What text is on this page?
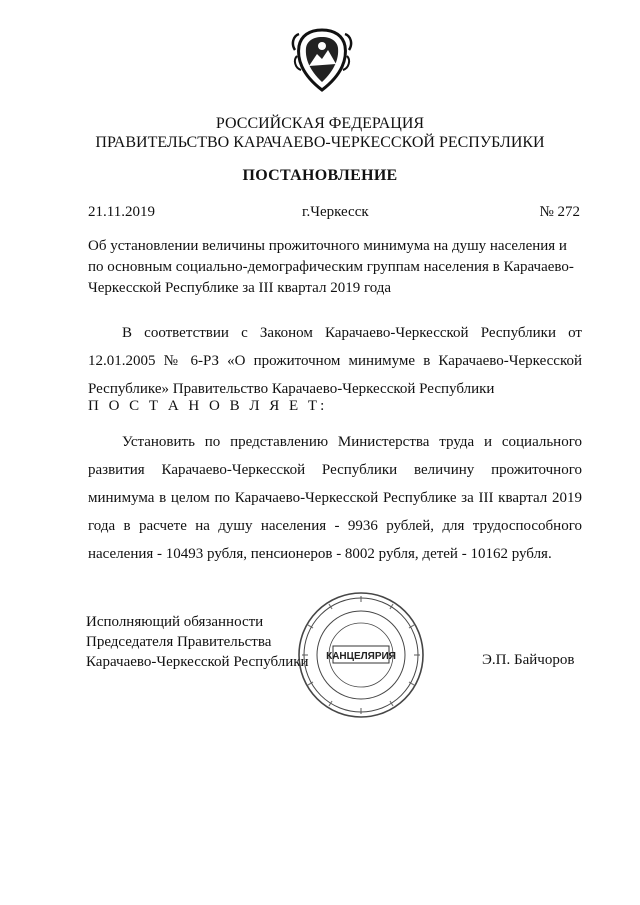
РОССИЙСКАЯ ФЕДЕРАЦИЯ
ПРАВИТЕЛЬСТВО КАРАЧАЕВО-ЧЕРКЕССКОЙ РЕСПУБЛИКИ
ПОСТАНОВЛЕНИЕ
21.11.2019	г.Черкесск	№ 272
Об установлении величины прожиточного минимума на душу населения и по основным социально-демографическим группам населения в Карачаево-Черкесской Республике за III квартал 2019 года
В соответствии с Законом Карачаево-Черкесской Республики от 12.01.2005 № 6-РЗ «О прожиточном минимуме в Карачаево-Черкесской Республике» Правительство Карачаево-Черкесской Республики
П О С Т А Н О В Л Я Е Т:
Установить по представлению Министерства труда и социального развития Карачаево-Черкесской Республики величину прожиточного минимума в целом по Карачаево-Черкесской Республике за III квартал 2019 года в расчете на душу населения - 9936 рублей, для трудоспособного населения - 10493 рубля, пенсионеров - 8002 рубля, детей - 10162 рубля.
Исполняющий обязанности
Председателя Правительства
Карачаево-Черкесской Республики	Э.П. Байчоров
КАНЦЕЛЯРИЯ
